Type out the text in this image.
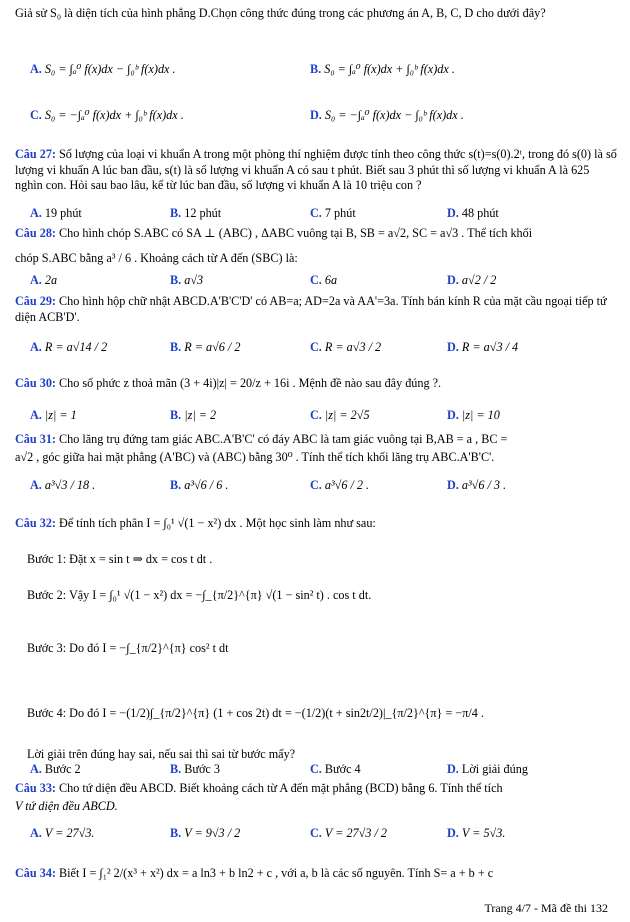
Giả sử S₀ là diện tích của hình phẳng D.Chọn công thức đúng trong các phương án A, B, C, D cho dưới đây?
A. S₀ = ∫ₐ⁰ f(x)dx − ∫₀ᵇ f(x)dx .	B. S₀ = ∫ₐ⁰ f(x)dx + ∫₀ᵇ f(x)dx .
C. S₀ = −∫ₐ⁰ f(x)dx + ∫₀ᵇ f(x)dx .	D. S₀ = −∫ₐ⁰ f(x)dx − ∫₀ᵇ f(x)dx .
Câu 27: Số lượng của loại vi khuẩn A trong một phòng thí nghiệm được tính theo công thức s(t)=s(0).2ᵗ, trong đó s(0) là số lượng vi khuẩn A lúc ban đầu, s(t) là số lượng vi khuẩn A có sau t phút. Biết sau 3 phút thì số lượng vi khuẩn A là 625 nghìn con. Hỏi sau bao lâu, kể từ lúc ban đầu, số lượng vi khuẩn A là 10 triệu con ?
A. 19 phút	B. 12 phút	C. 7 phút	D. 48 phút
Câu 28: Cho hình chóp S.ABC có SA ⊥ (ABC) , ΔABC vuông tại B, SB = a√2, SC = a√3 . Thể tích khối
chóp S.ABC bằng a³ / 6 . Khoảng cách từ A đến (SBC) là:
A. 2a	B. a√3	C. 6a	D. a√2 / 2
Câu 29: Cho hình hộp chữ nhật ABCD.A'B'C'D' có AB=a; AD=2a và AA'=3a. Tính bán kính R của mặt cầu ngoại tiếp tứ diện ACB'D'.
A. R = a√14 / 2	B. R = a√6 / 2	C. R = a√3 / 2	D. R = a√3 / 4
Câu 30: Cho số phức z thoả mãn (3 + 4i)|z| = 20/z + 16i . Mệnh đề nào sau đây đúng ?.
A. |z| = 1	B. |z| = 2	C. |z| = 2√5	D. |z| = 10
Câu 31: Cho lăng trụ đứng tam giác ABC.A'B'C' có đáy ABC là tam giác vuông tại B,AB = a , BC =
a√2 , góc giữa hai mặt phẳng (A'BC) và (ABC) bằng 30⁰ . Tính thể tích khối lăng trụ ABC.A'B'C'.
A. a³√3 / 18 .	B. a³√6 / 6 .	C. a³√6 / 2 .	D. a³√6 / 3 .
Câu 32: Để tính tích phân I = ∫₀¹ √(1 − x²) dx . Một học sinh làm như sau:
Bước 1: Đặt x = sin t ⇒ dx = cos t dt .
Bước 2: Vậy I = ∫₀¹ √(1 − x²) dx = −∫_{π/2}^{π} √(1 − sin² t) . cos t dt.
Bước 3: Do đó I = −∫_{π/2}^{π} cos² t dt
Bước 4: Do đó I = −(1/2)∫_{π/2}^{π} (1 + cos 2t) dt = −(1/2)(t + sin2t/2)|_{π/2}^{π} = −π/4 .
Lời giải trên đúng hay sai, nếu sai thì sai từ bước mấy?
A. Bước 2	B. Bước 3	C. Bước 4	D. Lời giải đúng
Câu 33: Cho tứ diện đều ABCD. Biết khoảng cách từ A đến mặt phẳng (BCD) bằng 6. Tính thể tích
V tứ diện đều ABCD.
A. V = 27√3.	B. V = 9√3 / 2	C. V = 27√3 / 2	D. V = 5√3.
Câu 34: Biết I = ∫₁² 2/(x³ + x²) dx = a ln3 + b ln2 + c , với a, b là các số nguyên. Tính S= a + b + c
Trang 4/7 - Mã đề thi 132
